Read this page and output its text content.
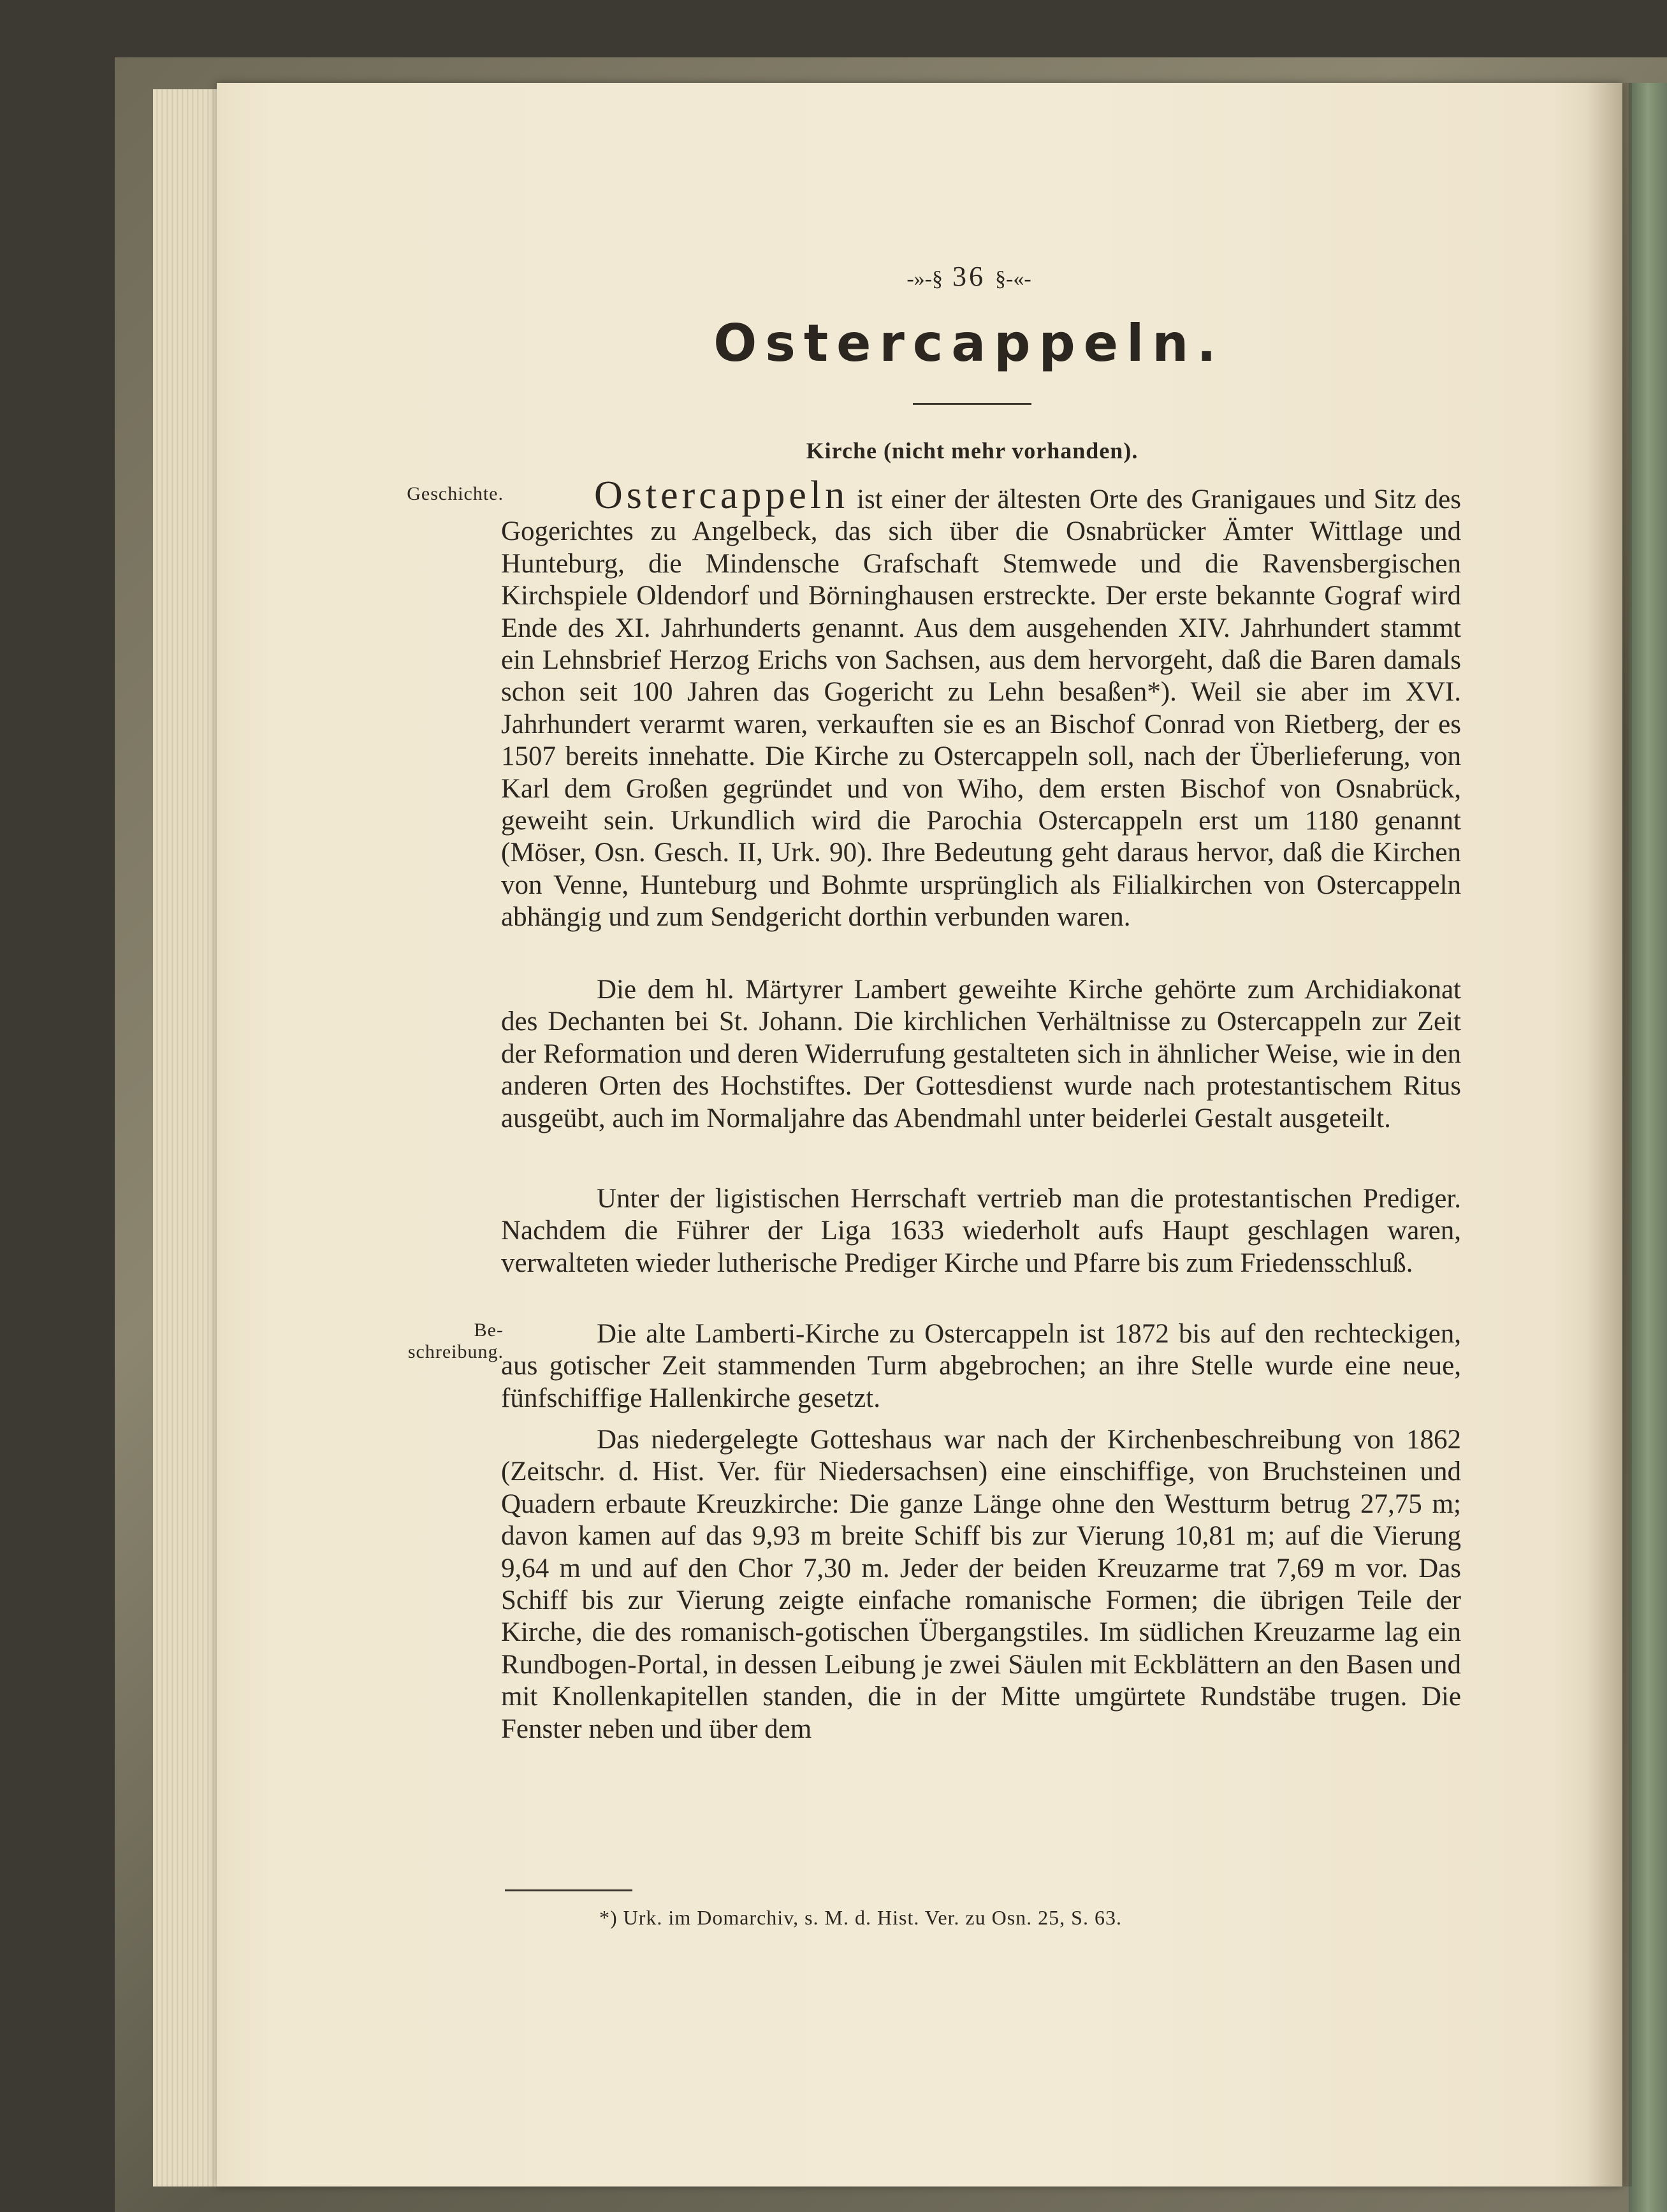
-»-§ 36 §-«-
Ostercappeln.
Kirche (nicht mehr vorhanden).
Geschichte.
Be-
schreibung.

Ostercappeln ist einer der ältesten Orte des Granigaues und Sitz des Gogerichtes zu Angelbeck, das sich über die Osnabrücker Ämter Wittlage und Hunteburg, die Mindensche Grafschaft Stemwede und die Ravensbergischen Kirchspiele Oldendorf und Börninghausen erstreckte. Der erste bekannte Gograf wird Ende des XI. Jahrhunderts genannt. Aus dem ausgehenden XIV. Jahrhundert stammt ein Lehnsbrief Herzog Erichs von Sachsen, aus dem hervorgeht, daß die Baren damals schon seit 100 Jahren das Gogericht zu Lehn besaßen*). Weil sie aber im XVI. Jahrhundert verarmt waren, verkauften sie es an Bischof Conrad von Rietberg, der es 1507 bereits innehatte. Die Kirche zu Ostercappeln soll, nach der Überlieferung, von Karl dem Großen gegründet und von Wiho, dem ersten Bischof von Osnabrück, geweiht sein. Urkundlich wird die Parochia Ostercappeln erst um 1180 genannt (Möser, Osn. Gesch. II, Urk. 90). Ihre Bedeutung geht daraus hervor, daß die Kirchen von Venne, Hunteburg und Bohmte ursprünglich als Filialkirchen von Ostercappeln abhängig und zum Sendgericht dorthin verbunden waren.

Die dem hl. Märtyrer Lambert geweihte Kirche gehörte zum Archidiakonat des Dechanten bei St. Johann. Die kirchlichen Verhältnisse zu Ostercappeln zur Zeit der Reformation und deren Widerrufung gestalteten sich in ähnlicher Weise, wie in den anderen Orten des Hochstiftes. Der Gottesdienst wurde nach protestantischem Ritus ausgeübt, auch im Normaljahre das Abendmahl unter beiderlei Gestalt ausgeteilt.

Unter der ligistischen Herrschaft vertrieb man die protestantischen Prediger. Nachdem die Führer der Liga 1633 wiederholt aufs Haupt geschlagen waren, verwalteten wieder lutherische Prediger Kirche und Pfarre bis zum Friedensschluß.

Die alte Lamberti-Kirche zu Ostercappeln ist 1872 bis auf den rechteckigen, aus gotischer Zeit stammenden Turm abgebrochen; an ihre Stelle wurde eine neue, fünfschiffige Hallenkirche gesetzt.

Das niedergelegte Gotteshaus war nach der Kirchenbeschreibung von 1862 (Zeitschr. d. Hist. Ver. für Niedersachsen) eine einschiffige, von Bruchsteinen und Quadern erbaute Kreuzkirche: Die ganze Länge ohne den Westturm betrug 27,75 m; davon kamen auf das 9,93 m breite Schiff bis zur Vierung 10,81 m; auf die Vierung 9,64 m und auf den Chor 7,30 m. Jeder der beiden Kreuzarme trat 7,69 m vor. Das Schiff bis zur Vierung zeigte einfache romanische Formen; die übrigen Teile der Kirche, die des romanisch-gotischen Übergangstiles. Im südlichen Kreuzarme lag ein Rundbogen-Portal, in dessen Leibung je zwei Säulen mit Eckblättern an den Basen und mit Knollenkapitellen standen, die in der Mitte umgürtete Rundstäbe trugen. Die Fenster neben und über dem

*) Urk. im Domarchiv, s. M. d. Hist. Ver. zu Osn. 25, S. 63.
